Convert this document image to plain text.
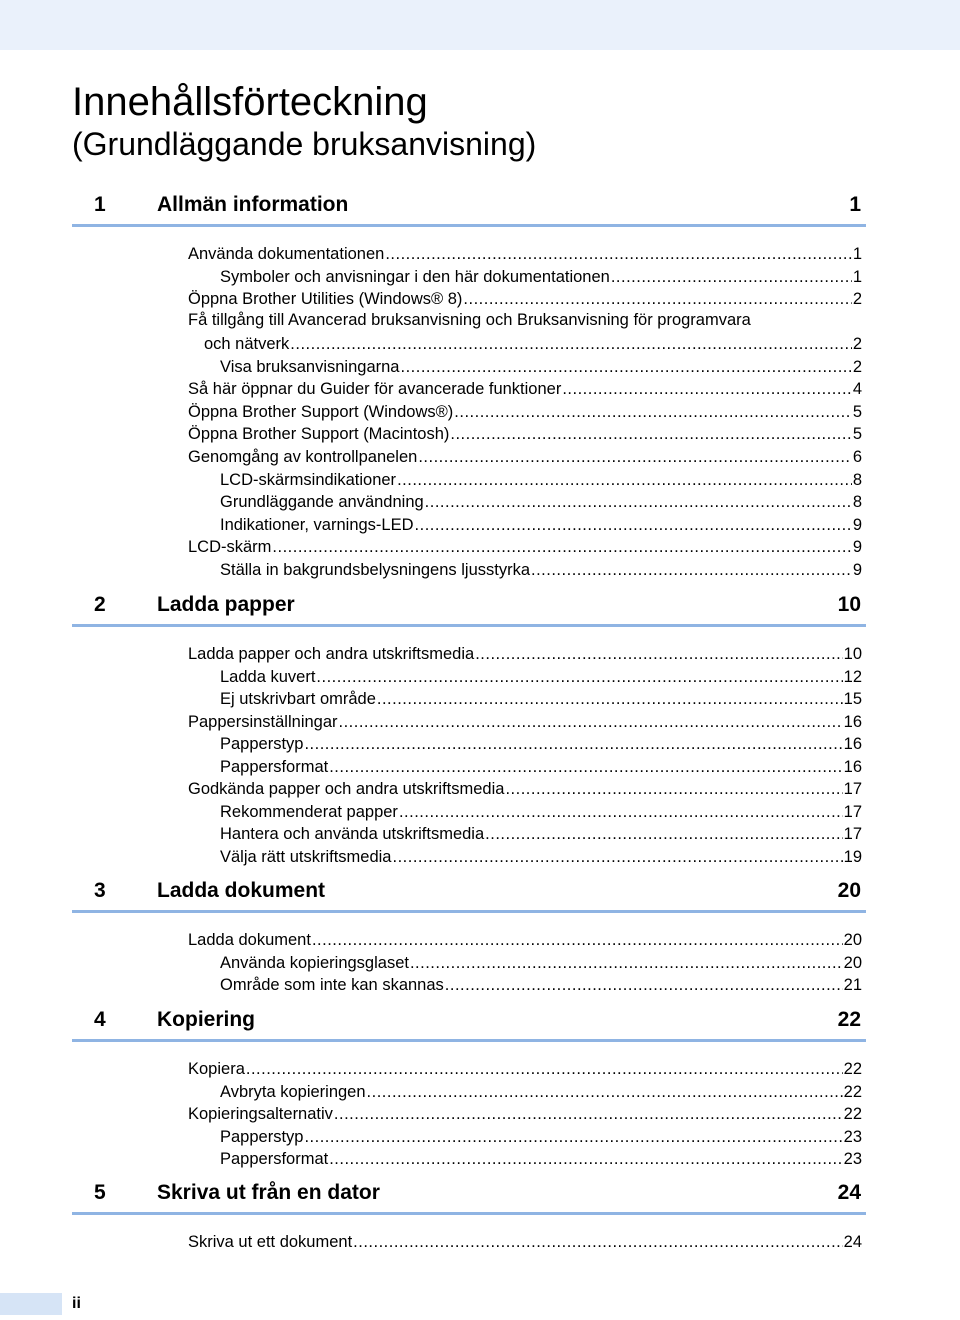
Innehållsförteckning
(Grundläggande bruksanvisning)
1 Allmän information	1
Använda dokumentationen .....	1
Symboler och anvisningar i den här dokumentationen .....	1
Öppna Brother Utilities (Windows® 8) .....	2
Få tillgång till Avancerad bruksanvisning och Bruksanvisning för programvara
och nätverk .....	2
Visa bruksanvisningarna .....	2
Så här öppnar du Guider för avancerade funktioner .....	4
Öppna Brother Support (Windows®) .....	5
Öppna Brother Support (Macintosh) .....	5
Genomgång av kontrollpanelen .....	6
LCD-skärmsindikationer .....	8
Grundläggande användning .....	8
Indikationer, varnings-LED .....	9
LCD-skärm .....	9
Ställa in bakgrundsbelysningens ljusstyrka .....	9
2 Ladda papper	10
Ladda papper och andra utskriftsmedia .....	10
Ladda kuvert .....	12
Ej utskrivbart område .....	15
Pappersinställningar .....	16
Papperstyp .....	16
Pappersformat .....	16
Godkända papper och andra utskriftsmedia .....	17
Rekommenderat papper .....	17
Hantera och använda utskriftsmedia .....	17
Välja rätt utskriftsmedia .....	19
3 Ladda dokument	20
Ladda dokument .....	20
Använda kopieringsglaset .....	20
Område som inte kan skannas .....	21
4 Kopiering	22
Kopiera .....	22
Avbryta kopieringen .....	22
Kopieringsalternativ .....	22
Papperstyp .....	23
Pappersformat .....	23
5 Skriva ut från en dator	24
Skriva ut ett dokument .....	24
ii
